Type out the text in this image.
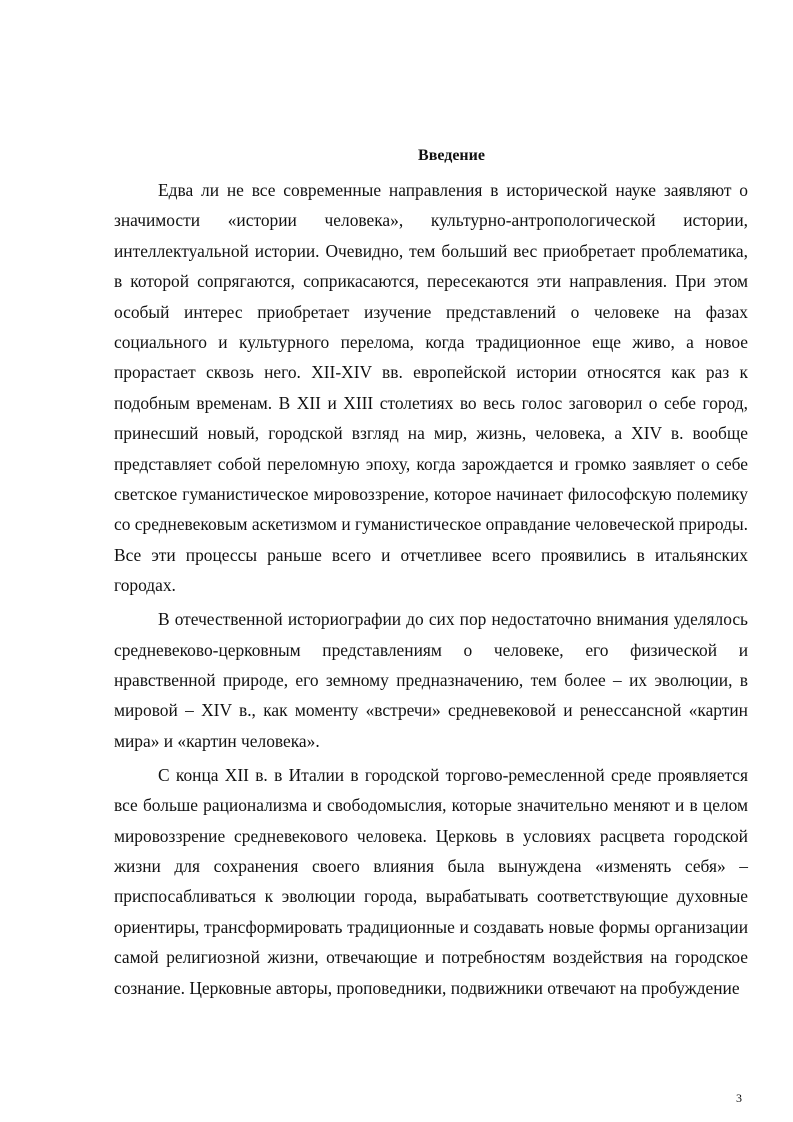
Введение

Едва ли не все современные направления в исторической науке заявляют о значимости «истории человека», культурно-антропологической истории, интеллектуальной истории. Очевидно, тем больший вес приобретает проблематика, в которой сопрягаются, соприкасаются, пересекаются эти направления. При этом особый интерес приобретает изучение представлений о человеке на фазах социального и культурного перелома, когда традиционное еще живо, а новое прорастает сквозь него. XII-XIV вв. европейской истории относятся как раз к подобным временам. В XII и XIII столетиях во весь голос заговорил о себе город, принесший новый, городской взгляд на мир, жизнь, человека, а XIV в. вообще представляет собой переломную эпоху, когда зарождается и громко заявляет о себе светское гуманистическое мировоззрение, которое начинает философскую полемику со средневековым аскетизмом и гуманистическое оправдание человеческой природы. Все эти процессы раньше всего и отчетливее всего проявились в итальянских городах.

В отечественной историографии до сих пор недостаточно внимания уделялось средневеково-церковным представлениям о человеке, его физической и нравственной природе, его земному предназначению, тем более – их эволюции, в мировой – XIV в., как моменту «встречи» средневековой и ренессансной «картин мира» и «картин человека».

С конца XII в. в Италии в городской торгово-ремесленной среде проявляется все больше рационализма и свободомыслия, которые значительно меняют и в целом мировоззрение средневекового человека. Церковь в условиях расцвета городской жизни для сохранения своего влияния была вынуждена «изменять себя» – приспосабливаться к эволюции города, вырабатывать соответствующие духовные ориентиры, трансформировать традиционные и создавать новые формы организации самой религиозной жизни, отвечающие и потребностям воздействия на городское сознание. Церковные авторы, проповедники, подвижники отвечают на пробуждение

3
